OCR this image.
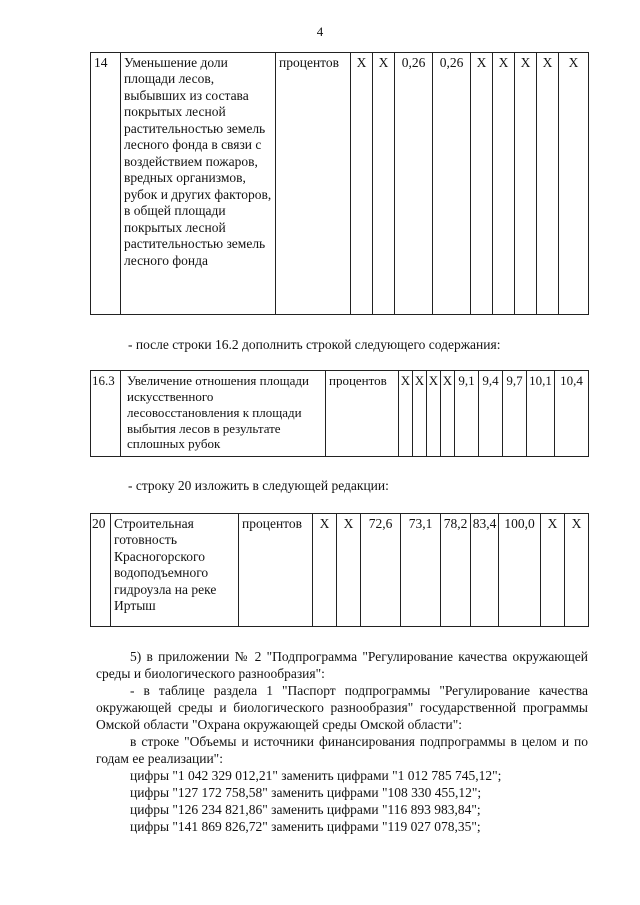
4
14	Уменьшение доли площади лесов, выбывших из состава покрытых лесной растительностью земель лесного фонда в связи с воздействием пожаров, вредных организмов, рубок и других факторов, в общей площади покрытых лесной растительностью земель лесного фонда	процентов	X	X	0,26	0,26	X	X	X	X	X
- после строки 16.2 дополнить строкой следующего содержания:
16.3	Увеличение отношения площади искусственного лесовосстановления к площади выбытия лесов в результате сплошных рубок	процентов	X	X	X	X	9,1	9,4	9,7	10,1	10,4
- строку 20 изложить в следующей редакции:
20	Строительная готовность Красногорского водоподъемного гидроузла на реке Иртыш	процентов	X	X	72,6	73,1	78,2	83,4	100,0	X	X

5) в приложении № 2 "Подпрограмма "Регулирование качества окружающей среды и биологического разнообразия":

- в таблице раздела 1 "Паспорт подпрограммы "Регулирование качества окружающей среды и биологического разнообразия" государственной программы Омской области "Охрана окружающей среды Омской области":

в строке "Объемы и источники финансирования подпрограммы в целом и по годам ее реализации":

цифры "1 042 329 012,21" заменить цифрами "1 012 785 745,12";

цифры "127 172 758,58" заменить цифрами "108 330 455,12";

цифры "126 234 821,86" заменить цифрами "116 893 983,84";

цифры "141 869 826,72" заменить цифрами "119 027 078,35";
